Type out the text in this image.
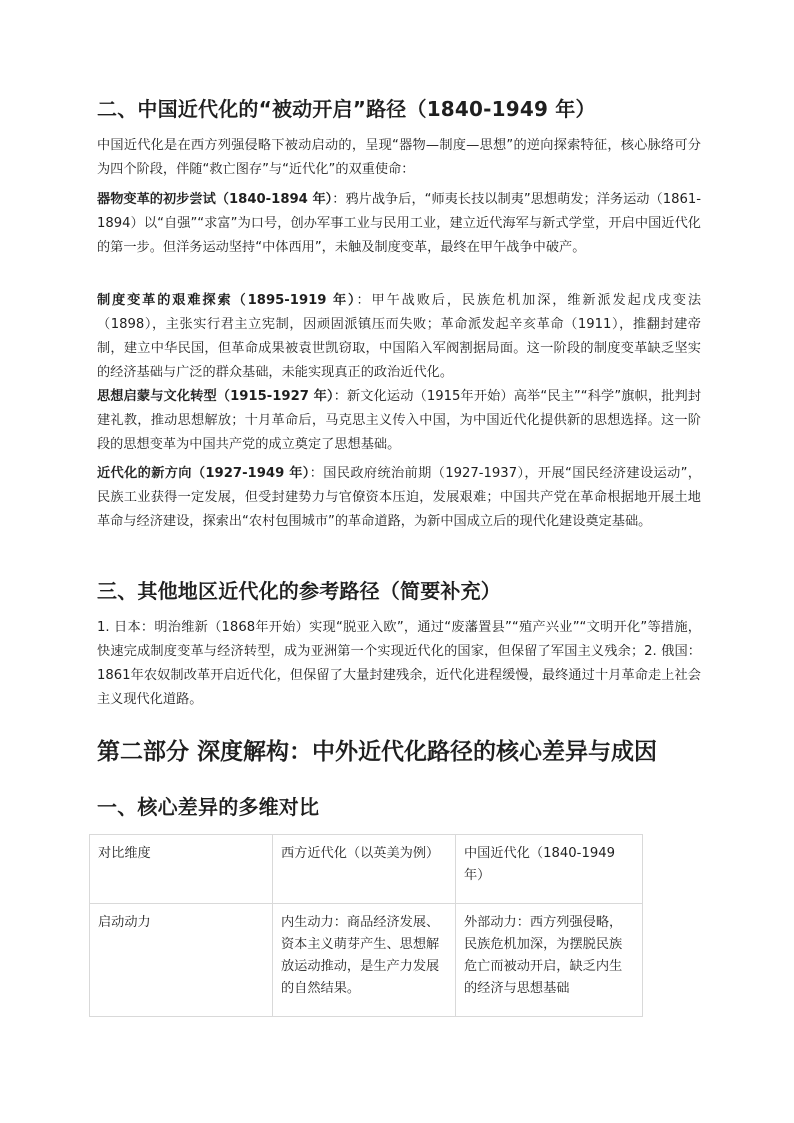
二、中国近代化的“被动开启”路径（1840-1949 年）

中国近代化是在西方列强侵略下被动启动的，呈现“器物—制度—思想”的逆向探索特征，核心脉络可分为四个阶段，伴随“救亡图存”与“近代化”的双重使命：

器物变革的初步尝试（1840-1894 年）：鸦片战争后，“师夷长技以制夷”思想萌发；洋务运动（1861-1894）以“自强”“求富”为口号，创办军事工业与民用工业，建立近代海军与新式学堂，开启中国近代化的第一步。但洋务运动坚持“中体西用”，未触及制度变革，最终在甲午战争中破产。

制度变革的艰难探索（1895-1919 年）：甲午战败后，民族危机加深，维新派发起戊戌变法（1898），主张实行君主立宪制，因顽固派镇压而失败；革命派发起辛亥革命（1911），推翻封建帝制，建立中华民国，但革命成果被袁世凯窃取，中国陷入军阀割据局面。这一阶段的制度变革缺乏坚实的经济基础与广泛的群众基础，未能实现真正的政治近代化。

思想启蒙与文化转型（1915-1927 年）：新文化运动（1915年开始）高举“民主”“科学”旗帜，批判封建礼教，推动思想解放；十月革命后，马克思主义传入中国，为中国近代化提供新的思想选择。这一阶段的思想变革为中国共产党的成立奠定了思想基础。

近代化的新方向（1927-1949 年）：国民政府统治前期（1927-1937），开展“国民经济建设运动”，民族工业获得一定发展，但受封建势力与官僚资本压迫，发展艰难；中国共产党在革命根据地开展土地革命与经济建设，探索出“农村包围城市”的革命道路，为新中国成立后的现代化建设奠定基础。

三、其他地区近代化的参考路径（简要补充）

1. 日本：明治维新（1868年开始）实现“脱亚入欧”，通过“废藩置县”“殖产兴业”“文明开化”等措施，快速完成制度变革与经济转型，成为亚洲第一个实现近代化的国家，但保留了军国主义残余；2. 俄国：1861年农奴制改革开启近代化，但保留了大量封建残余，近代化进程缓慢，最终通过十月革命走上社会主义现代化道路。

第二部分 深度解构：中外近代化路径的核心差异与成因
一、核心差异的多维对比
对比维度	西方近代化（以英美为例）	中国近代化（1840-1949 年）
启动动力	内生动力：商品经济发展、资本主义萌芽产生、思想解放运动推动，是生产力发展的自然结果。	外部动力：西方列强侵略，民族危机加深，为摆脱民族危亡而被动开启，缺乏内生的经济与思想基础
